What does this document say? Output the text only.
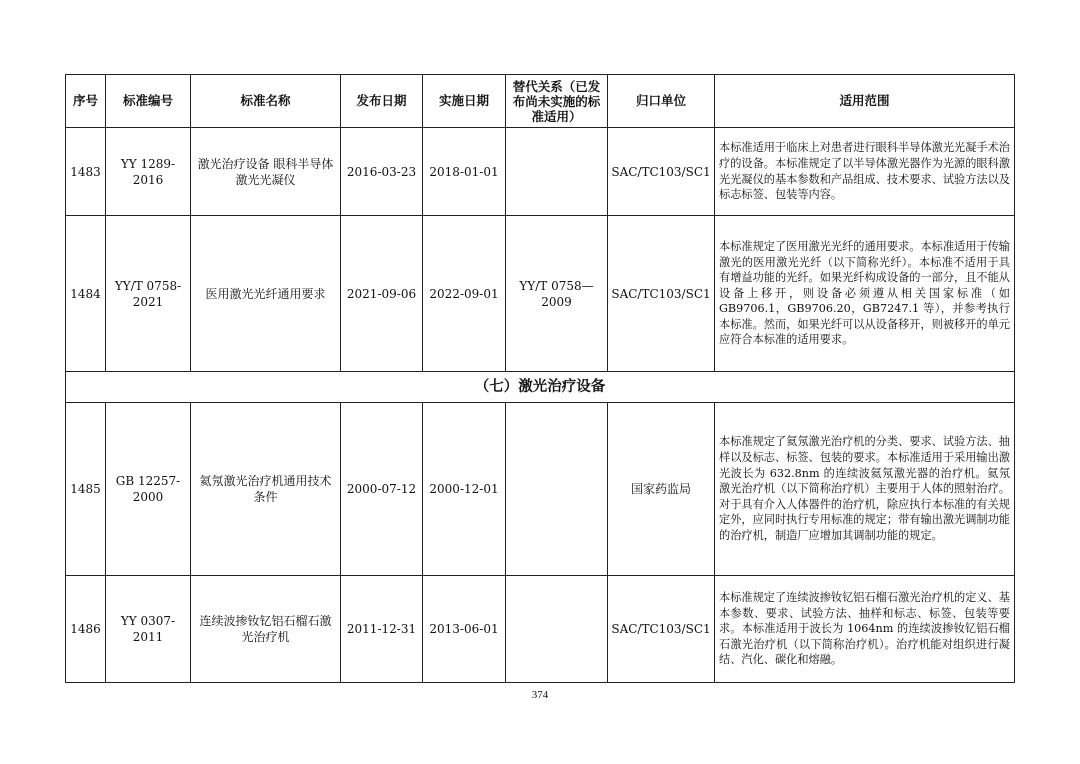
序号	标准编号	标准名称	发布日期	实施日期	替代关系（已发布尚未实施的标准适用）	归口单位	适用范围
1483	YY 1289-2016	激光治疗设备 眼科半导体激光光凝仪	2016-03-23	2018-01-01		SAC/TC103/SC1	本标准适用于临床上对患者进行眼科半导体激光光凝手术治疗的设备。本标准规定了以半导体激光器作为光源的眼科激光光凝仪的基本参数和产品组成、技术要求、试验方法以及标志标签、包装等内容。
1484	YY/T 0758-2021	医用激光光纤通用要求	2021-09-06	2022-09-01	YY/T 0758—2009	SAC/TC103/SC1	本标准规定了医用激光光纤的通用要求。本标准适用于传输激光的医用激光光纤（以下简称光纤）。本标准不适用于具有增益功能的光纤。如果光纤构成设备的一部分，且不能从设备上移开，则设备必须遵从相关国家标准（如GB9706.1，GB9706.20，GB7247.1 等），并参考执行本标准。然而，如果光纤可以从设备移开，则被移开的单元应符合本标准的适用要求。
（七）激光治疗设备							
1485	GB 12257-2000	氦氖激光治疗机通用技术条件	2000-07-12	2000-12-01		国家药监局	本标准规定了氦氖激光治疗机的分类、要求、试验方法、抽样以及标志、标签、包装的要求。本标准适用于采用输出激光波长为 632.8nm 的连续波氦氖激光器的治疗机。氦氖激光治疗机（以下简称治疗机）主要用于人体的照射治疗。对于具有介入人体器件的治疗机，除应执行本标准的有关规定外，应同时执行专用标准的规定；带有输出激光调制功能的治疗机，制造厂应增加其调制功能的规定。
1486	YY 0307-2011	连续波掺钕钇铝石榴石激光治疗机	2011-12-31	2013-06-01		SAC/TC103/SC1	本标准规定了连续波掺钕钇铝石榴石激光治疗机的定义、基本参数、要求、试验方法、抽样和标志、标签、包装等要求。本标准适用于波长为 1064nm 的连续波掺钕钇铝石榴石激光治疗机（以下简称治疗机）。治疗机能对组织进行凝结、汽化、碳化和熔融。
374
